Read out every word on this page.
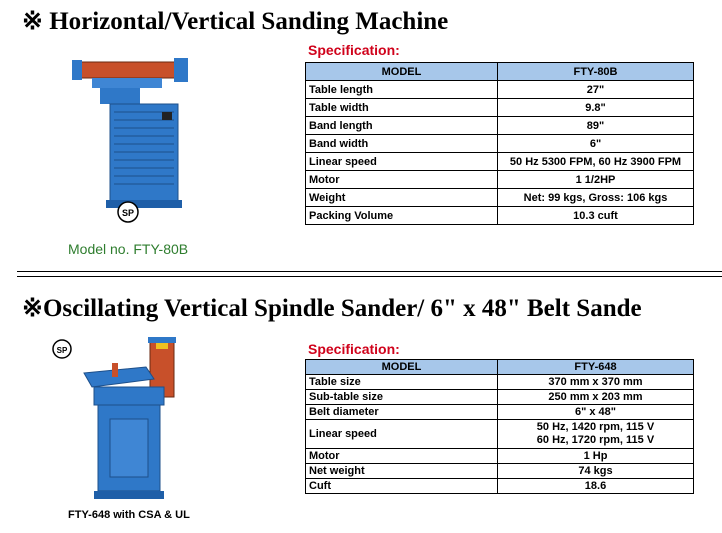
※ Horizontal/Vertical Sanding Machine
Specification:
SP
MODEL	FTY-80B
Table length	27"
Table width	9.8"
Band length	89"
Band width	6"
Linear speed	50 Hz 5300 FPM, 60 Hz 3900 FPM
Motor	1 1/2HP
Weight	Net: 99 kgs, Gross: 106 kgs
Packing Volume	10.3 cuft
Model no. FTY-80B
※Oscillating Vertical Spindle Sander/ 6" x 48" Belt Sande
Specification:
SP
MODEL	FTY-648
Table size	370 mm x 370 mm
Sub-table size	250 mm x 203 mm
Belt diameter	6" x 48"
Linear speed	50 Hz, 1420 rpm, 115 V
60 Hz, 1720 rpm, 115 V

Motor	1 Hp
Net weight	74 kgs
Cuft	18.6
FTY-648 with CSA & UL
